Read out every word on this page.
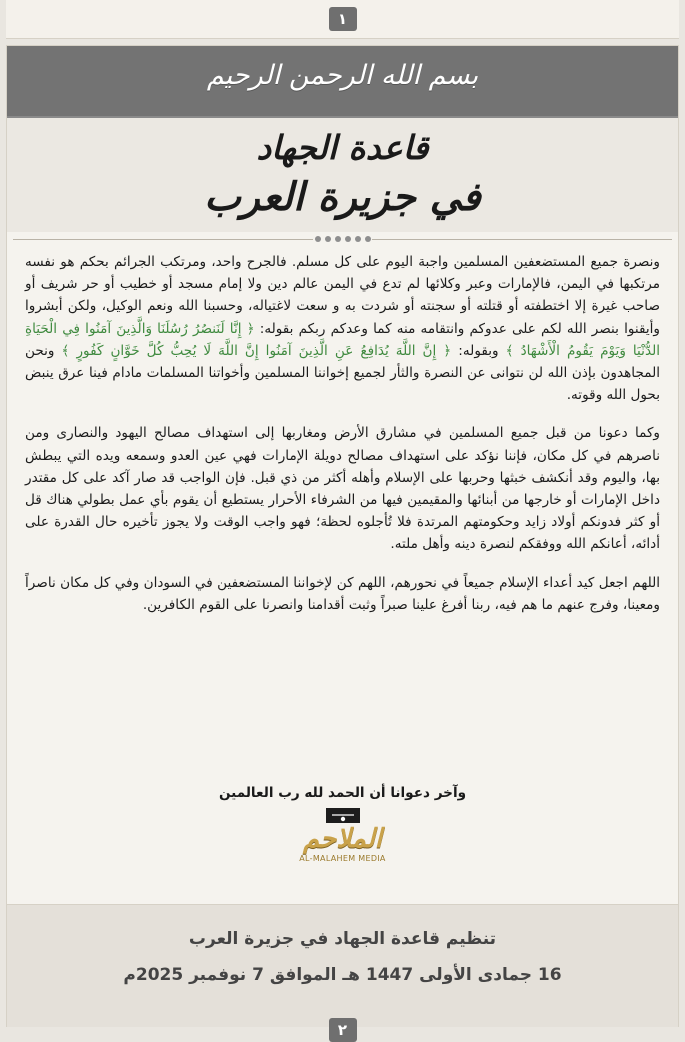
١
بسم الله الرحمن الرحيم
قاعدة الجهاد
في جزيرة العرب

ونصرة جميع المستضعفين المسلمين واجبة اليوم على كل مسلم. فالجرح واحد، ومرتكب الجرائم بحكم هو نفسه مرتكبها في اليمن، فالإمارات وعبر وكلائها لم تدع في اليمن عالم دين ولا إمام مسجد أو خطيب أو حر شريف أو صاحب غيرة إلا اختطفته أو قتلته أو سجنته أو شردت به و سعت لاغتياله، وحسبنا الله ونعم الوكيل، ولكن أبشروا وأيقنوا بنصر الله لكم على عدوكم وانتقامه منه كما وعدكم ربكم بقوله: ﴿ إِنَّا لَنَنصُرُ رُسُلَنَا وَالَّذِينَ آمَنُوا فِي الْحَيَاةِ الدُّنْيَا وَيَوْمَ يَقُومُ الْأَشْهَادُ ﴾ وبقوله: ﴿ إِنَّ اللَّهَ يُدَافِعُ عَنِ الَّذِينَ آمَنُوا إِنَّ اللَّهَ لَا يُحِبُّ كُلَّ خَوَّانٍ كَفُورٍ ﴾ ونحن المجاهدون بإذن الله لن نتوانى عن النصرة والثأر لجميع إخواننا المسلمين وأخواتنا المسلمات مادام فينا عرق ينبض بحول الله وقوته.

وكما دعونا من قبل جميع المسلمين في مشارق الأرض ومغاربها إلى استهداف مصالح اليهود والنصارى ومن ناصرهم في كل مكان، فإننا نؤكد على استهداف مصالح دويلة الإمارات فهي عين العدو وسمعه ويده التي يبطش بها، واليوم وقد أنكشف خبثها وحربها على الإسلام وأهله أكثر من ذي قبل. فإن الواجب قد صار آكد على كل مقتدر داخل الإمارات أو خارجها من أبنائها والمقيمين فيها من الشرفاء الأحرار يستطيع أن يقوم بأي عمل بطولي هناك قل أو كثر فدونكم أولاد زايد وحكومتهم المرتدة فلا تُأجلوه لحظة؛ فهو واجب الوقت ولا يجوز تأخيره حال القدرة على أدائه، أعانكم الله ووفقكم لنصرة دينه وأهل ملته.

اللهم اجعل كيد أعداء الإسلام جميعاً في نحورهم، اللهم كن لإخواننا المستضعفين في السودان وفي كل مكان ناصراً ومعينا، وفرج عنهم ما هم فيه، ربنا أفرغ علينا صبراً وثبت أقدامنا وانصرنا على القوم الكافرين.

وآخر دعوانا أن الحمد لله رب العالمين
الملاحم
AL-MALAHEM MEDIA
تنظيم قاعدة الجهاد في جزيرة العرب
16 جمادى الأولى 1447 هـ الموافق 7 نوفمبر 2025م
٢
